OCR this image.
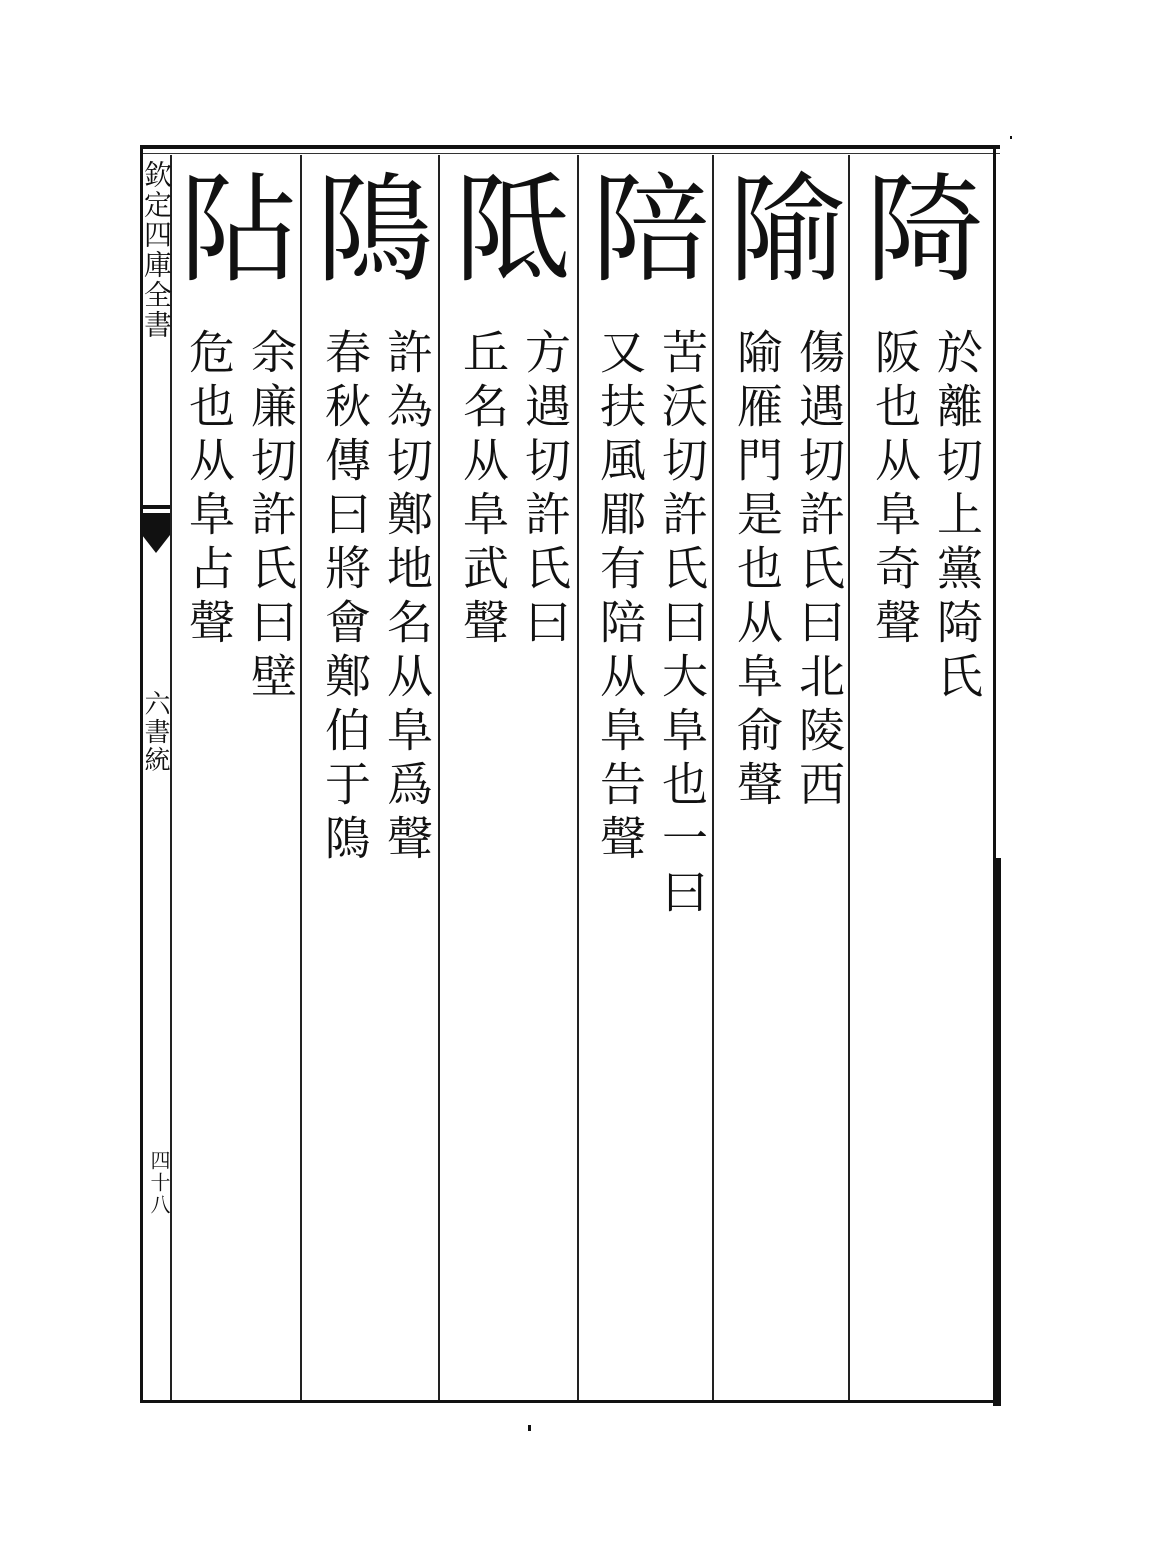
欽定四庫全書
六書統
四十八
陭
於離切上黨陭氏
阪也从阜奇聲
隃
傷遇切許氏曰北陵西
隃雁門是也从阜俞聲
陪
苦沃切許氏曰大阜也一曰
又扶風郿有陪从阜告聲
阺
方遇切許氏曰
丘名从阜武聲
隝
許為切鄭地名从阜爲聲
春秋傳曰將會鄭伯于隝
阽
余廉切許氏曰壁
危也从阜占聲
